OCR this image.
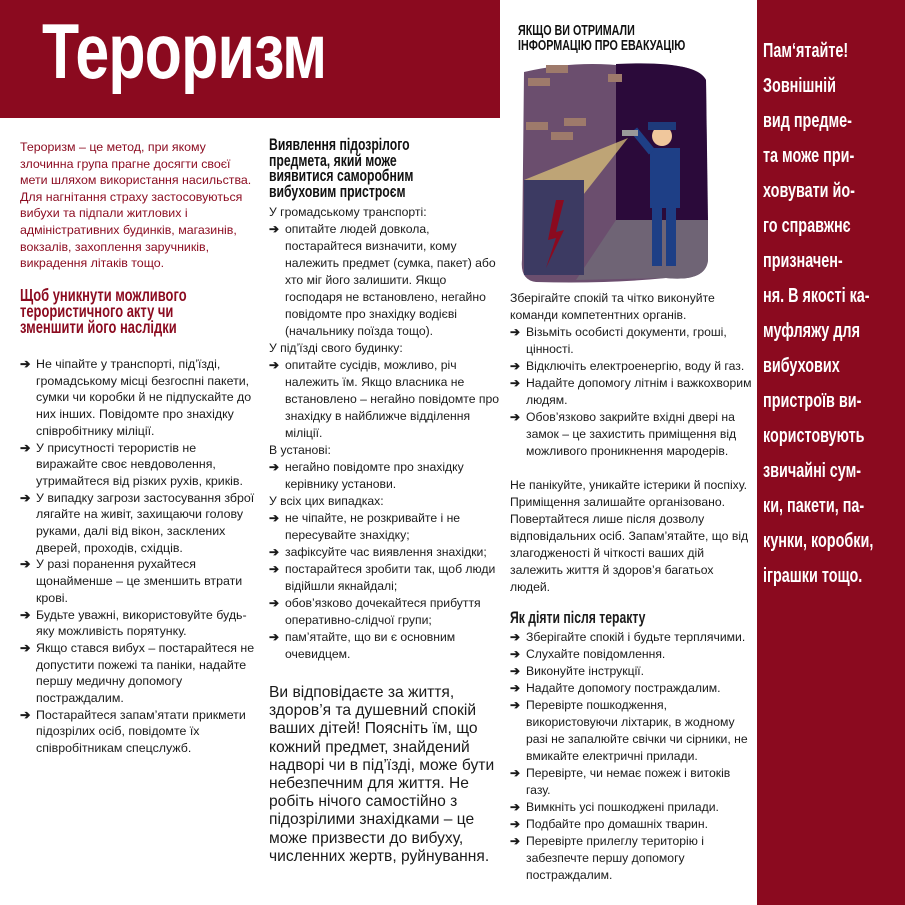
Тероризм
Тероризм – це метод, при якому злочинна група прагне досягти своєї мети шляхом використання насильства. Для нагнітання страху застосовуються вибухи та підпали житлових і адміністративних будинків, магазинів, вокзалів, захоплення заручників, викрадення літаків тощо.
Щоб уникнути можливого
терористичного акту чи
зменшити його наслідки
➔ Не чіпайте у транспорті, під’їзді, громадському місці безгоспні пакети, сумки чи коробки й не підпускайте до них інших. Повідомте про знахідку співробітнику міліції.
➔ У присутності терористів не виражайте своє невдоволення, утримайтеся від різких рухів, криків.
➔ У випадку загрози застосування зброї лягайте на живіт, захищаючи голову руками, далі від вікон, засклених дверей, проходів, східців.
➔ У разі поранення рухайтеся щонайменше – це зменшить втрати крові.
➔ Будьте уважні, використовуйте будь-яку можливість порятунку.
➔ Якщо стався вибух – постарайтеся не допустити пожежі та паніки, надайте першу медичну допомогу постраждалим.
➔ Постарайтеся запам’ятати прикмети підозрілих осіб, повідомте їх співробітникам спецслужб.
Виявлення підозрілого
предмета, який може
виявитися саморобним
вибуховим пристроєм
У громадському транспорті:
➔ опитайте людей довкола, постарайтеся визначити, кому належить предмет (сумка, пакет) або хто міг його залишити. Якщо господаря не встановлено, негайно повідомте про знахідку водієві (начальнику поїзда тощо).
У під’їзді свого будинку:
➔ опитайте сусідів, можливо, річ належить їм. Якщо власника не встановлено – негайно повідомте про знахідку в найближче відділення міліції.
В установі:
➔ негайно повідомте про знахідку керівнику установи.
У всіх цих випадках:
➔ не чіпайте, не розкривайте і не пересувайте знахідку;
➔ зафіксуйте час виявлення знахідки;
➔ постарайтеся зробити так, щоб люди відійшли якнайдалі;
➔ обов’язково дочекайтеся прибуття оперативно-слідчої групи;
➔ пам’ятайте, що ви є основним очевидцем.
Ви відповідаєте за життя, здоров’я та душевний спокій ваших дітей! Поясніть їм, що кожний предмет, знайдений надворі чи в під’їзді, може бути небезпечним для життя. Не робіть нічого самостійно з підозрілими знахідками – це може призвести до вибуху, численних жертв, руйнування.
ЯКЩО ВИ ОТРИМАЛИ
ІНФОРМАЦІЮ ПРО ЕВАКУАЦІЮ

Зберігайте спокій та чітко виконуйте команди компетентних органів.

➔ Візьміть особисті документи, гроші, цінності.
➔ Відключіть електроенергію, воду й газ.
➔ Надайте допомогу літнім і важкохворим людям.
➔ Обов’язково закрийте вхідні двері на замок – це захистить приміщення від можливого проникнення мародерів.

Не панікуйте, уникайте істерики й поспіху. Приміщення залишайте організовано. Повертайтеся лише після дозволу відповідальних осіб. Запам’ятайте, що від злагодженості й чіткості ваших дій залежить життя й здоров’я багатьох людей.

Як діяти після теракту
➔ Зберігайте спокій і будьте терплячими.
➔ Слухайте повідомлення.
➔ Виконуйте інструкції.
➔ Надайте допомогу постраждалим.
➔ Перевірте пошкодження, використовуючи ліхтарик, в жодному разі не запалюйте свічки чи сірники, не вмикайте електричні прилади.
➔ Перевірте, чи немає пожеж і витоків газу.
➔ Вимкніть усі пошкоджені прилади.
➔ Подбайте про домашніх тварин.
➔ Перевірте прилеглу територію і забезпечте першу допомогу постраждалим.
Пам‘ятайте!
Зовнішній
вид предме-
та може при-
ховувати йо-
го справжнє
призначен-
ня. В якості ка-
муфляжу для
вибухових
пристроїв ви-
користовують
звичайні сум-
ки, пакети, па-
кунки, коробки,
іграшки тощо.
